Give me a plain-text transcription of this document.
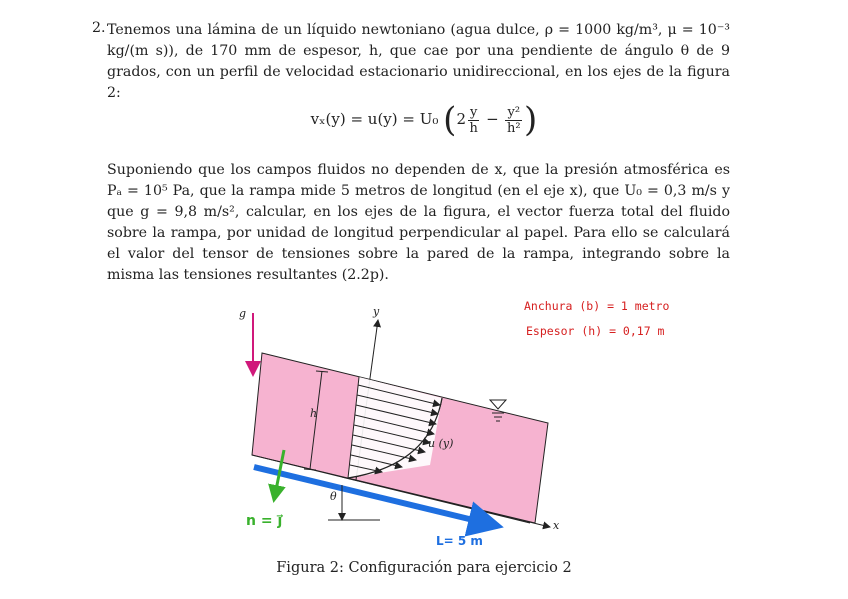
2. Tenemos una lámina de un líquido newtoniano (agua dulce, ρ = 1000 kg/m³, μ = 10⁻³ kg/(m s)), de 170 mm de espesor, h, que cae por una pendiente de ángulo θ de 9 grados, con un perfil de velocidad estacionario unidireccional, en los ejes de la figura 2:
vₓ(y) = u(y) = U₀ ($2 \frac{y}{h} - \frac{\text{y²}}{\text{h²}}$ )
Suponiendo que los campos fluidos no dependen de x, que la presión atmosférica es Pₐ = 10⁵ Pa, que la rampa mide 5 metros de longitud (en el eje x), que U₀ = 0,3 m/s y que g = 9,8 m/s², calcular, en los ejes de la figura, el vector fuerza total del fluido sobre la rampa, por unidad de longitud perpendicular al papel. Para ello se calculará el valor del tensor de tensiones sobre la pared de la rampa, integrando sobre la misma las tensiones resultantes (2.2p).
θ
y
x
u (y)
h
g
n = j⃗
Anchura (b) = 1 metro
Espesor (h) = 0,17 m
L= 5 m
Figura 2: Configuración para ejercicio 2
